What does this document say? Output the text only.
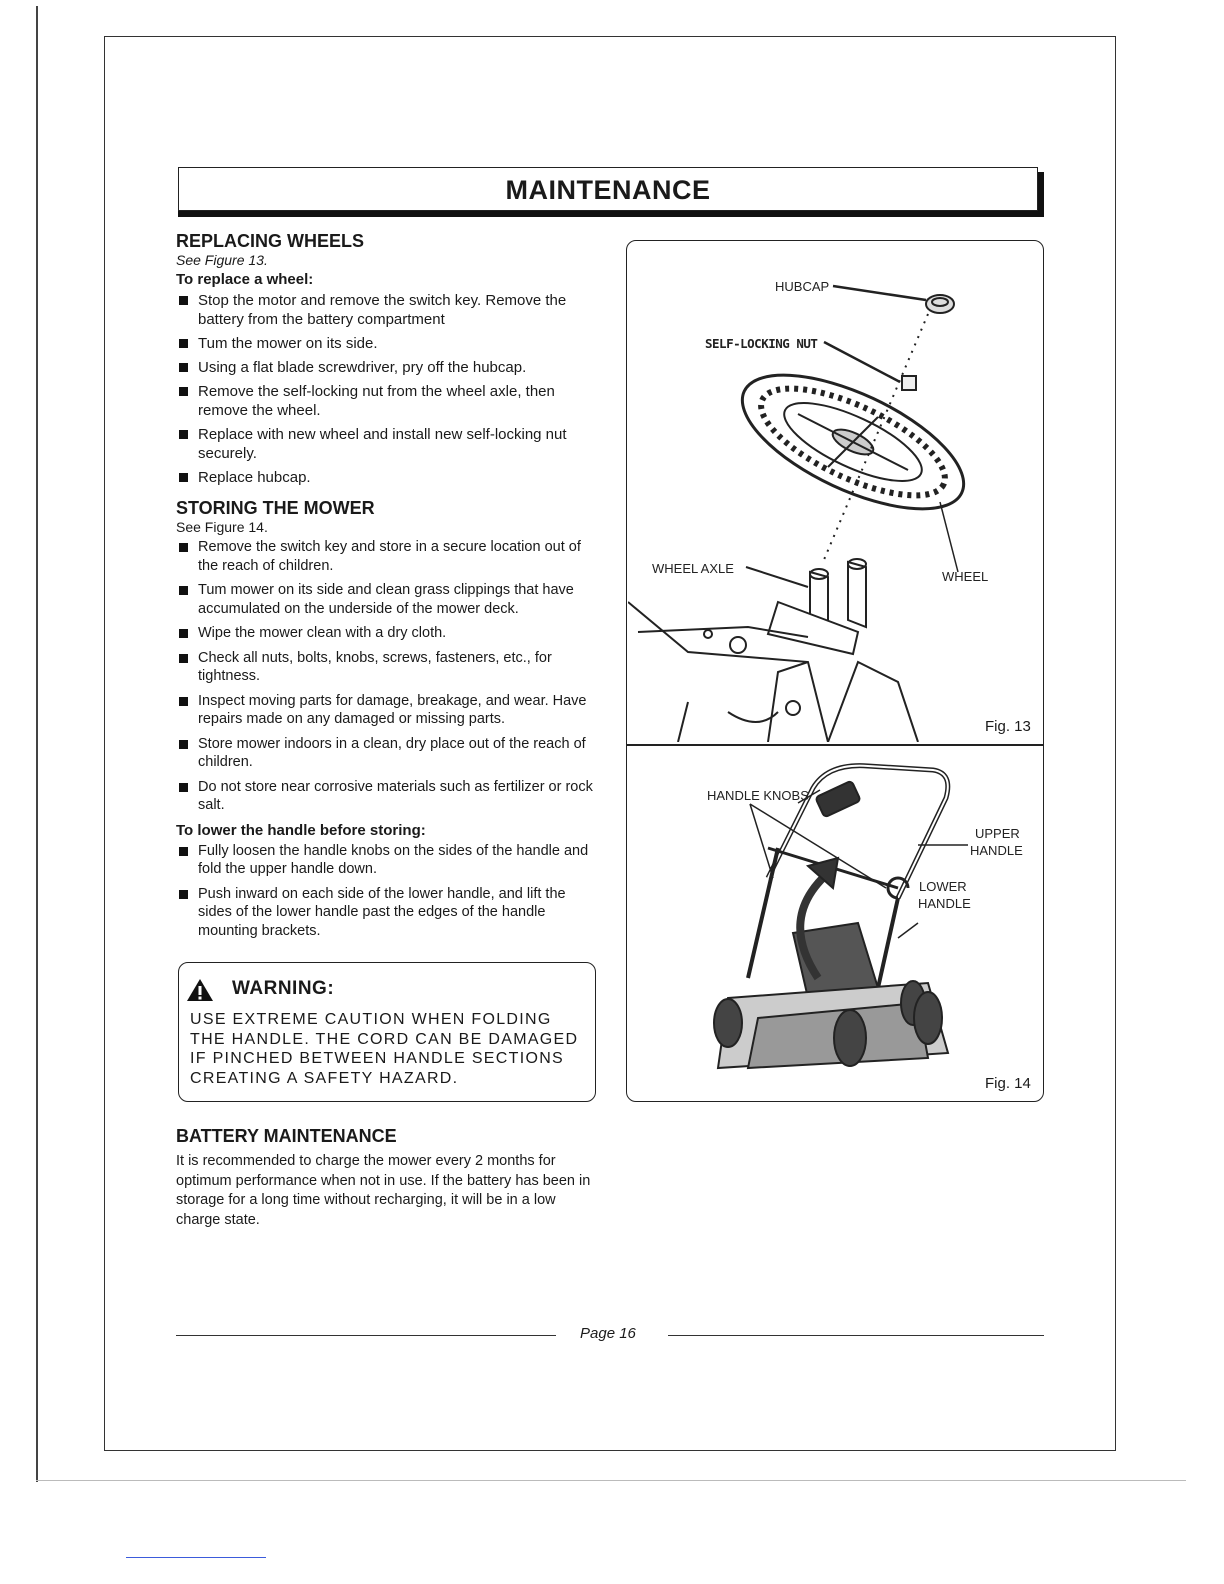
MAINTENANCE
REPLACING WHEELS
See Figure 13.
To replace a wheel:
Stop the motor and remove the switch key. Remove the battery from the battery compartment
Tum the mower on its side.
Using a flat blade screwdriver, pry off the hubcap.
Remove the self-locking nut from the wheel axle, then remove the wheel.
Replace with new wheel and install new self-locking nut securely.
Replace hubcap.
STORING THE MOWER
See Figure 14.
Remove the switch key and store in a secure location out of the reach of children.
Tum mower on its side and clean grass clippings that have accumulated on the underside of the mower deck.
Wipe the mower clean with a dry cloth.
Check all nuts, bolts, knobs, screws, fasteners, etc., for tightness.
Inspect moving parts for damage, breakage, and wear. Have repairs made on any damaged or missing parts.
Store mower indoors in a clean, dry place out of the reach of children.
Do not store near corrosive materials such as fertilizer or rock salt.
To lower the handle before storing:
Fully loosen the handle knobs on the sides of the handle and fold the upper handle down.
Push inward on each side of the lower handle, and lift the sides of the lower handle past the edges of the handle mounting brackets.
WARNING:
USE EXTREME CAUTION WHEN FOLDING THE HANDLE. THE CORD CAN BE DAMAGED IF PINCHED BETWEEN HANDLE SECTIONS CREATING A SAFETY HAZARD.
BATTERY MAINTENANCE
It is recommended to charge the mower every 2 months for optimum performance when not in use. If the battery has been in storage for a long time without recharging, it will be in a low charge state.
HUBCAP
SELF-LOCKING NUT
WHEEL AXLE
WHEEL
Fig. 13
HANDLE KNOBS
UPPER
HANDLE
LOWER
HANDLE
Fig. 14
Page 16
